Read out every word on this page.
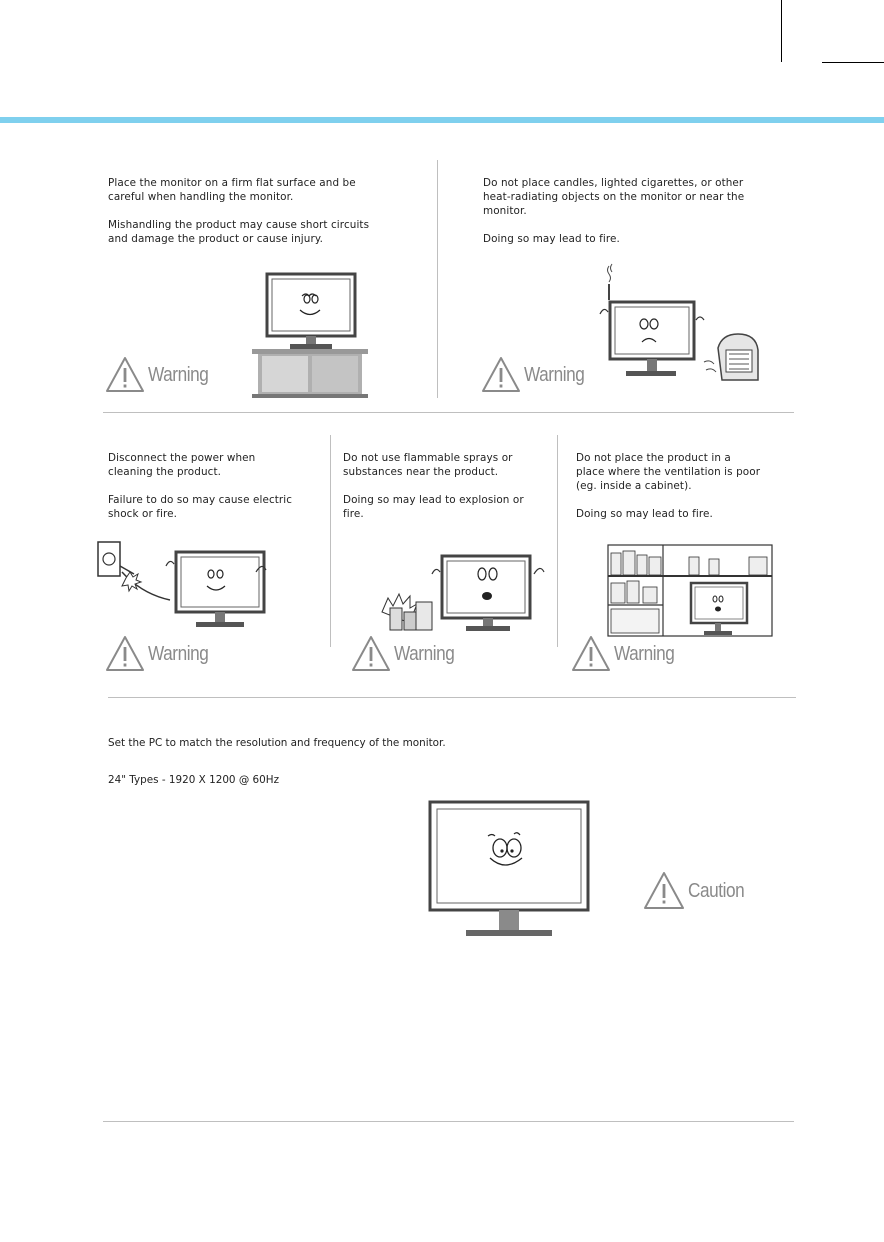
Place the monitor on a firm flat surface and be
careful when handling the monitor.

Mishandling the product may cause short circuits
and damage the product or cause injury.

Warning

Do not place candles, lighted cigarettes, or other
heat-radiating objects on the monitor or near the
monitor.

Doing so may lead to fire.

Warning

Disconnect the power when
cleaning the product.

Failure to do so may cause electric
shock or fire.

Warning

Do not use flammable sprays or
substances near the product.

Doing so may lead to explosion or
fire.

Warning

Do not place the product in a
place where the ventilation is poor
(eg. inside a cabinet).

Doing so may lead to fire.

Warning
Set the PC to match the resolution and frequency of the monitor.
24" Types - 1920 X 1200 @ 60Hz
Caution
